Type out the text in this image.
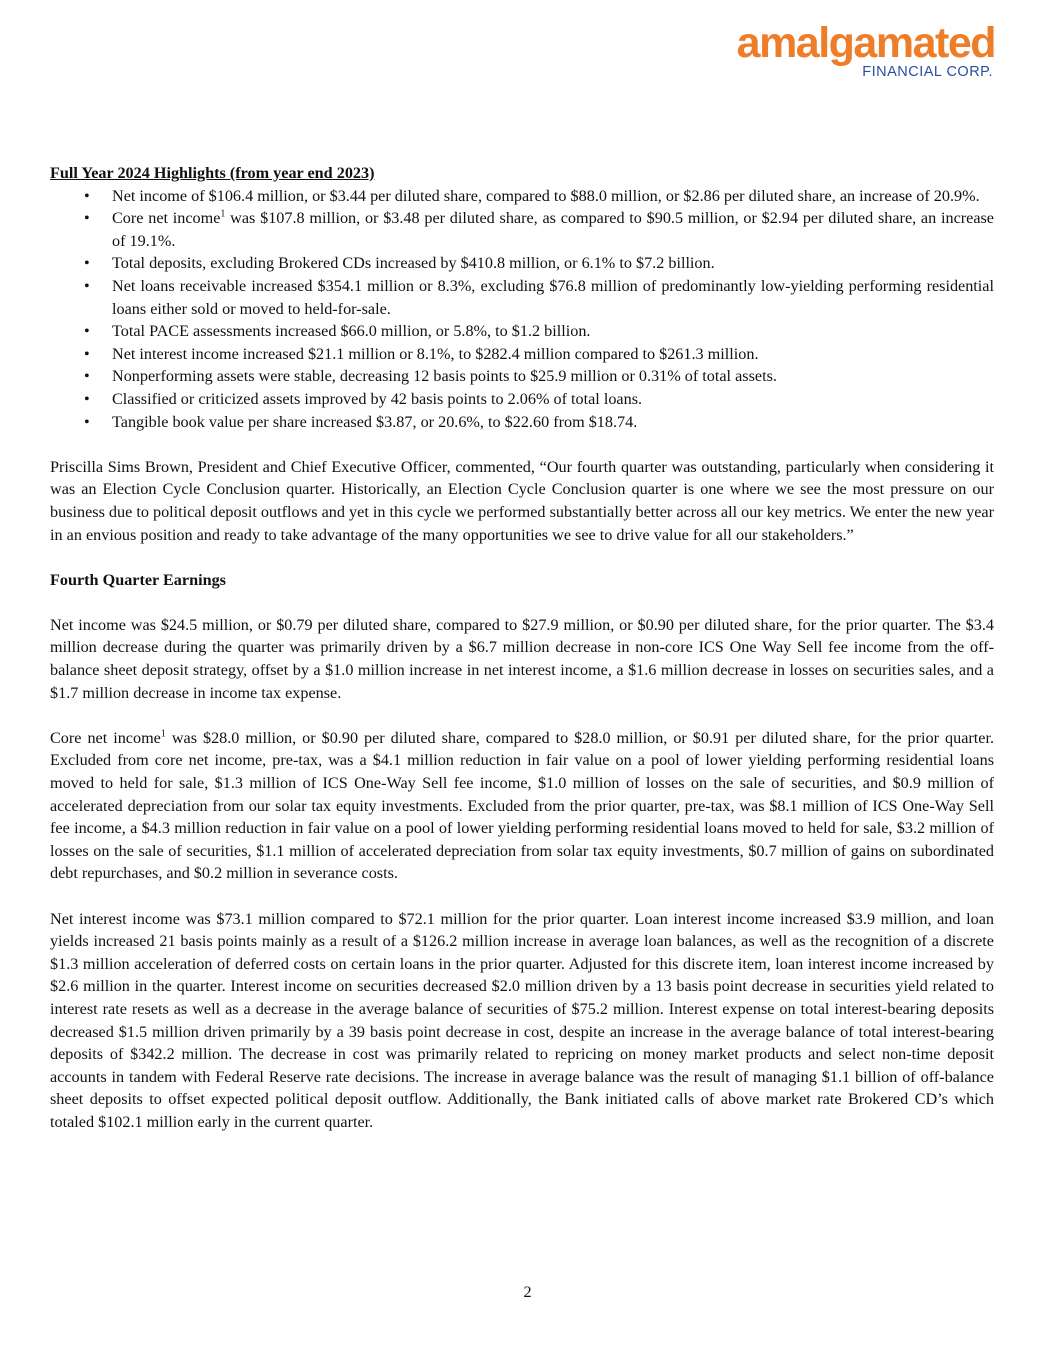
amalgamated
FINANCIAL CORP.

Full Year 2024 Highlights (from year end 2023)

• Net income of $106.4 million, or $3.44 per diluted share, compared to $88.0 million, or $2.86 per diluted share, an increase of 20.9%.
• Core net income$^1$ was $107.8 million, or $3.48 per diluted share, as compared to $90.5 million, or $2.94 per diluted share, an increase of 19.1%.
• Total deposits, excluding Brokered CDs increased by $410.8 million, or 6.1% to $7.2 billion.
• Net loans receivable increased $354.1 million or 8.3%, excluding $76.8 million of predominantly low-yielding performing residential loans either sold or moved to held-for-sale.
• Total PACE assessments increased $66.0 million, or 5.8%, to $1.2 billion.
• Net interest income increased $21.1 million or 8.1%, to $282.4 million compared to $261.3 million.
• Nonperforming assets were stable, decreasing 12 basis points to $25.9 million or 0.31% of total assets.
• Classified or criticized assets improved by 42 basis points to 2.06% of total loans.
• Tangible book value per share increased $3.87, or 20.6%, to $22.60 from $18.74.

Priscilla Sims Brown, President and Chief Executive Officer, commented, “Our fourth quarter was outstanding, particularly when considering it was an Election Cycle Conclusion quarter. Historically, an Election Cycle Conclusion quarter is one where we see the most pressure on our business due to political deposit outflows and yet in this cycle we performed substantially better across all our key metrics. We enter the new year in an envious position and ready to take advantage of the many opportunities we see to drive value for all our stakeholders.”

Fourth Quarter Earnings

Net income was $24.5 million, or $0.79 per diluted share, compared to $27.9 million, or $0.90 per diluted share, for the prior quarter. The $3.4 million decrease during the quarter was primarily driven by a $6.7 million decrease in non-core ICS One Way Sell fee income from the off-balance sheet deposit strategy, offset by a $1.0 million increase in net interest income, a $1.6 million decrease in losses on securities sales, and a $1.7 million decrease in income tax expense.

Core net income$^1$ was $28.0 million, or $0.90 per diluted share, compared to $28.0 million, or $0.91 per diluted share, for the prior quarter. Excluded from core net income, pre-tax, was a $4.1 million reduction in fair value on a pool of lower yielding performing residential loans moved to held for sale, $1.3 million of ICS One-Way Sell fee income, $1.0 million of losses on the sale of securities, and $0.9 million of accelerated depreciation from our solar tax equity investments. Excluded from the prior quarter, pre-tax, was $8.1 million of ICS One-Way Sell fee income, a $4.3 million reduction in fair value on a pool of lower yielding performing residential loans moved to held for sale, $3.2 million of losses on the sale of securities, $1.1 million of accelerated depreciation from solar tax equity investments, $0.7 million of gains on subordinated debt repurchases, and $0.2 million in severance costs.

Net interest income was $73.1 million compared to $72.1 million for the prior quarter. Loan interest income increased $3.9 million, and loan yields increased 21 basis points mainly as a result of a $126.2 million increase in average loan balances, as well as the recognition of a discrete $1.3 million acceleration of deferred costs on certain loans in the prior quarter. Adjusted for this discrete item, loan interest income increased by $2.6 million in the quarter. Interest income on securities decreased $2.0 million driven by a 13 basis point decrease in securities yield related to interest rate resets as well as a decrease in the average balance of securities of $75.2 million. Interest expense on total interest-bearing deposits decreased $1.5 million driven primarily by a 39 basis point decrease in cost, despite an increase in the average balance of total interest-bearing deposits of $342.2 million. The decrease in cost was primarily related to repricing on money market products and select non-time deposit accounts in tandem with Federal Reserve rate decisions. The increase in average balance was the result of managing $1.1 billion of off-balance sheet deposits to offset expected political deposit outflow. Additionally, the Bank initiated calls of above market rate Brokered CD’s which totaled $102.1 million early in the current quarter.

2
